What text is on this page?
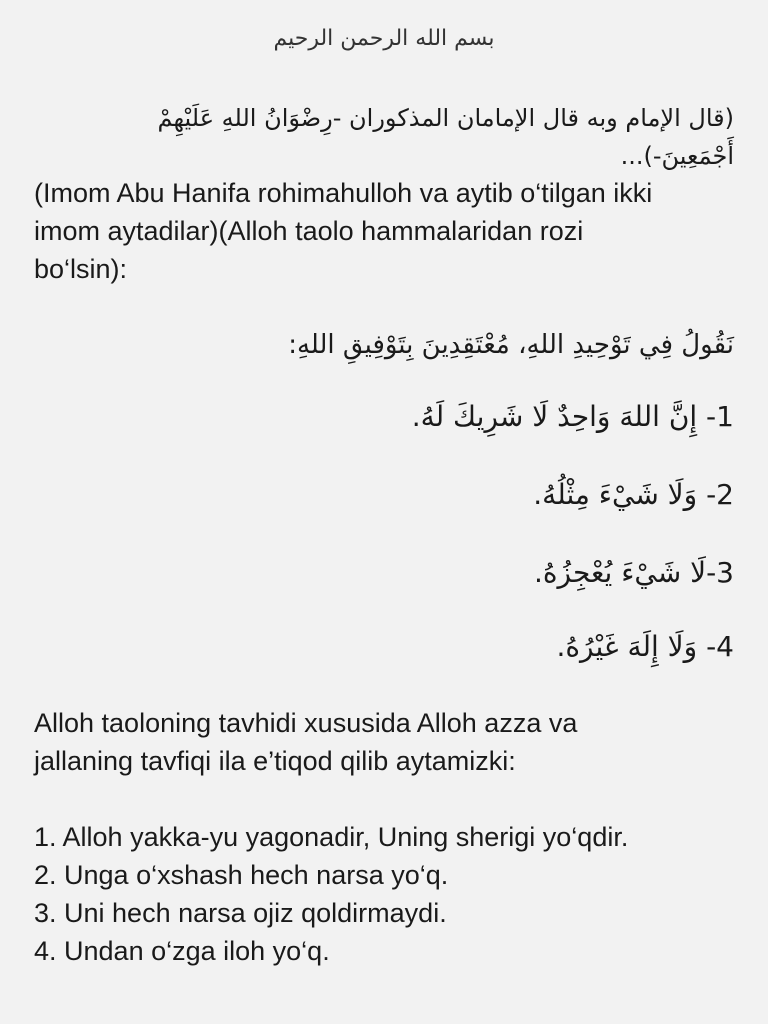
بسم الله الرحمن الرحيم
(قال الإمام وبه قال الإمامان المذكوران -رِضْوَانُ اللهِ عَلَيْهِمْ
أَجْمَعِينَ-)...
(Imom Abu Hanifa rohimahulloh va aytib o‘tilgan ikki
imom aytadilar)(Alloh taolo hammalaridan rozi
bo‘lsin):
نَقُولُ فِي تَوْحِيدِ اللهِ، مُعْتَقِدِينَ بِتَوْفِيقِ اللهِ:
1- إِنَّ اللهَ وَاحِدٌ لَا شَرِيكَ لَهُ.
2- وَلَا شَيْءَ مِثْلُهُ.
3-لَا شَيْءَ يُعْجِزُهُ.
4- وَلَا إِلَهَ غَيْرُهُ.
Alloh taoloning tavhidi xususida Alloh azza va
jallaning tavfiqi ila e’tiqod qilib aytamizki:
1. Alloh yakka-yu yagonadir, Uning sherigi yo‘qdir.
2. Unga o‘xshash hech narsa yo‘q.
3. Uni hech narsa ojiz qoldirmaydi.
4. Undan o‘zga iloh yo‘q.
